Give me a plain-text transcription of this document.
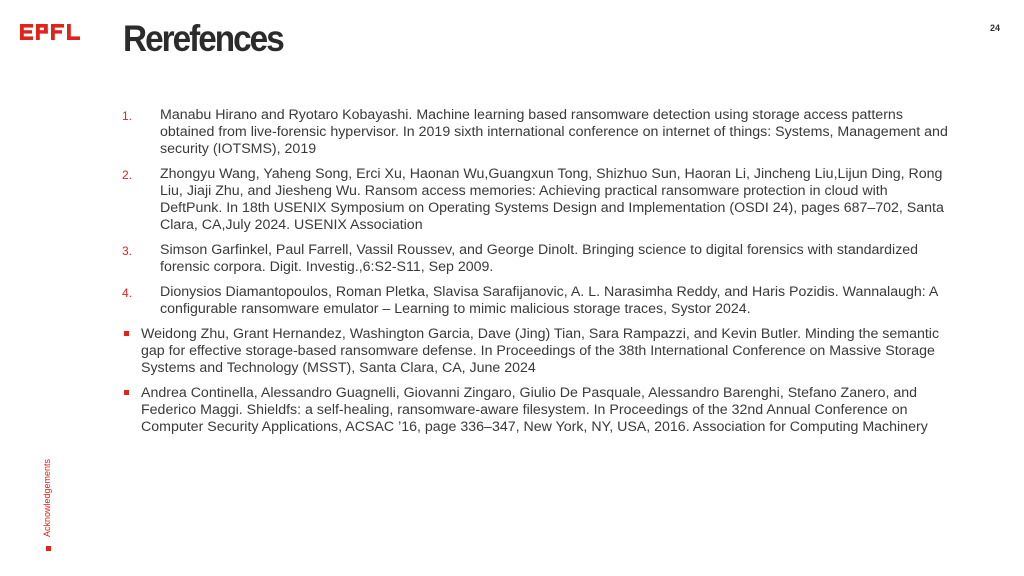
Rerefences	24
1. Manabu Hirano and Ryotaro Kobayashi. Machine learning based ransomware detection using storage access patterns obtained from live-forensic hypervisor. In 2019 sixth international conference on internet of things: Systems, Management and security (IOTSMS), 2019
2. Zhongyu Wang, Yaheng Song, Erci Xu, Haonan Wu,Guangxun Tong, Shizhuo Sun, Haoran Li, Jincheng Liu,Lijun Ding, Rong Liu, Jiaji Zhu, and Jiesheng Wu. Ransom access memories: Achieving practical ransomware protection in cloud with DeftPunk. In 18th USENIX Symposium on Operating Systems Design and Implementation (OSDI 24), pages 687–702, Santa Clara, CA,July 2024. USENIX Association
3. Simson Garfinkel, Paul Farrell, Vassil Roussev, and George Dinolt. Bringing science to digital forensics with standardized forensic corpora. Digit. Investig.,6:S2-S11, Sep 2009.
4. Dionysios Diamantopoulos, Roman Pletka, Slavisa Sarafijanovic, A. L. Narasimha Reddy, and Haris Pozidis. Wannalaugh: A configurable ransomware emulator – Learning to mimic malicious storage traces, Systor 2024.
Weidong Zhu, Grant Hernandez, Washington Garcia, Dave (Jing) Tian, Sara Rampazzi, and Kevin Butler. Minding the semantic gap for effective storage-based ransomware defense. In Proceedings of the 38th International Conference on Massive Storage Systems and Technology (MSST), Santa Clara, CA, June 2024
Andrea Continella, Alessandro Guagnelli, Giovanni Zingaro, Giulio De Pasquale, Alessandro Barenghi, Stefano Zanero, and Federico Maggi. Shieldfs: a self-healing, ransomware-aware filesystem. In Proceedings of the 32nd Annual Conference on Computer Security Applications, ACSAC ’16, page 336–347, New York, NY, USA, 2016. Association for Computing Machinery
Acknowledgements
